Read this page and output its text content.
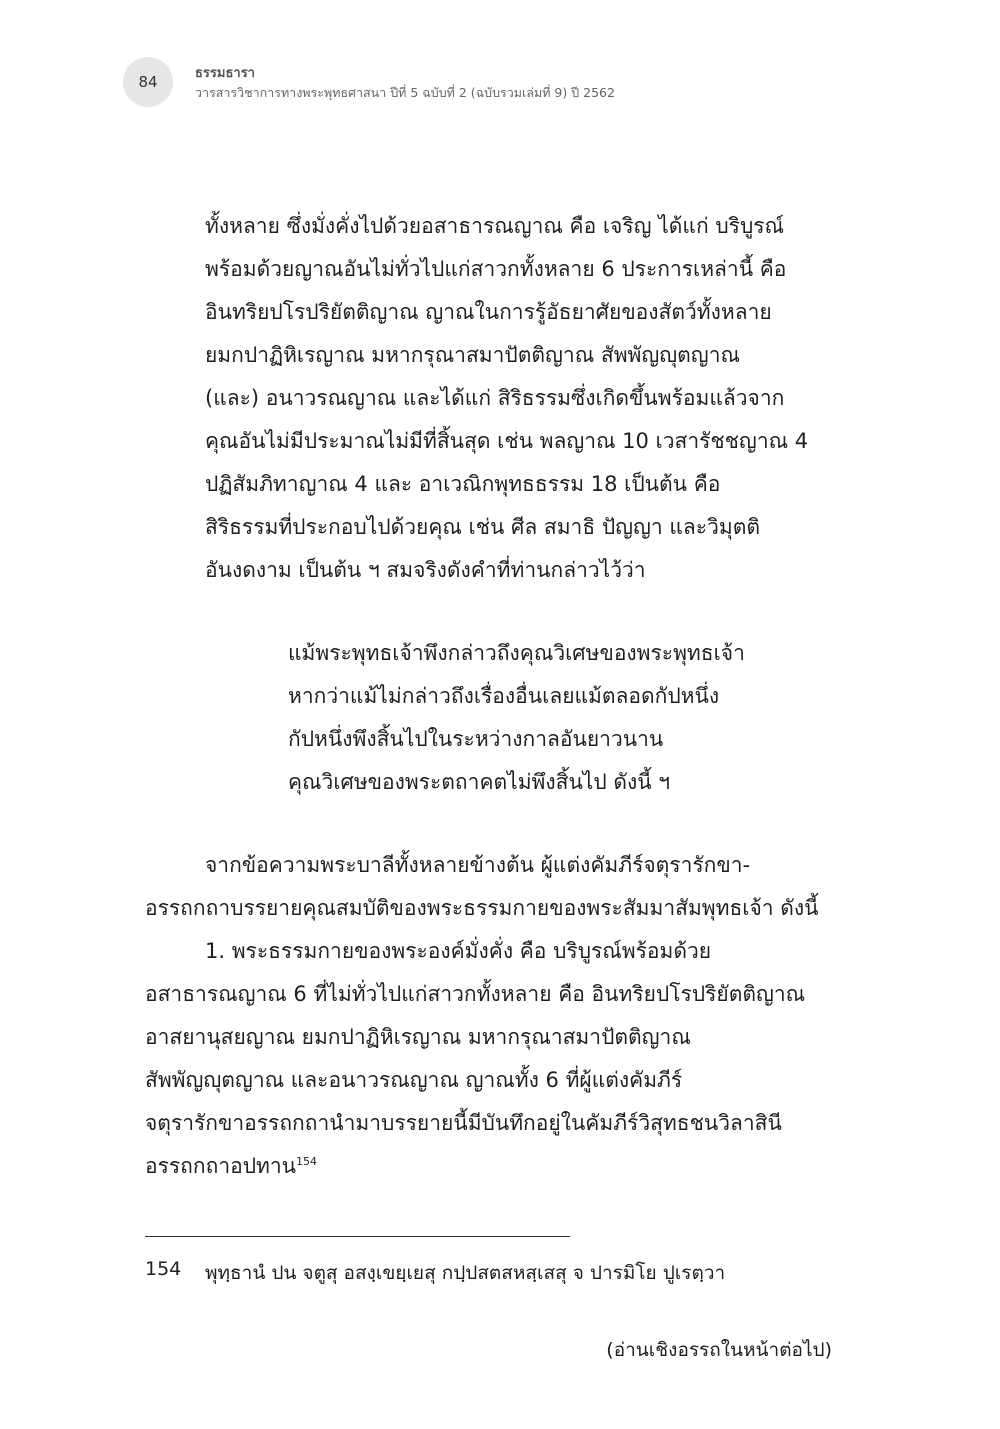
84	ธรรมธารา
วารสารวิชาการทางพระพุทธศาสนา ปีที่ 5 ฉบับที่ 2 (ฉบับรวมเล่มที่ 9) ปี 2562
ทั้งหลาย ซึ่งมั่งคั่งไปด้วยอสาธารณญาณ คือ เจริญ ได้แก่ บริบูรณ์
พร้อมด้วยญาณอันไม่ทั่วไปแก่สาวกทั้งหลาย 6 ประการเหล่านี้ คือ
อินทริยปโรปริยัตติญาณ ญาณในการรู้อัธยาศัยของสัตว์ทั้งหลาย
ยมกปาฏิหิเรญาณ มหากรุณาสมาปัตติญาณ สัพพัญญุตญาณ
(และ) อนาวรณญาณ และได้แก่ สิริธรรมซึ่งเกิดขึ้นพร้อมแล้วจาก
คุณอันไม่มีประมาณไม่มีที่สิ้นสุด เช่น พลญาณ 10 เวสารัชชญาณ 4
ปฏิสัมภิทาญาณ 4 และ อาเวณิกพุทธธรรม 18 เป็นต้น คือ
สิริธรรมที่ประกอบไปด้วยคุณ เช่น ศีล สมาธิ ปัญญา และวิมุตติ
อันงดงาม เป็นต้น ฯ สมจริงดังคำที่ท่านกล่าวไว้ว่า
แม้พระพุทธเจ้าพึงกล่าวถึงคุณวิเศษของพระพุทธเจ้า
หากว่าแม้ไม่กล่าวถึงเรื่องอื่นเลยแม้ตลอดกัปหนึ่ง
กัปหนึ่งพึงสิ้นไปในระหว่างกาลอันยาวนาน
คุณวิเศษของพระตถาคตไม่พึงสิ้นไป ดังนี้ ฯ
จากข้อความพระบาลีทั้งหลายข้างต้น ผู้แต่งคัมภีร์จตุรารักขา-
อรรถกถาบรรยายคุณสมบัติของพระธรรมกายของพระสัมมาสัมพุทธเจ้า ดังนี้
1. พระธรรมกายของพระองค์มั่งคั่ง คือ บริบูรณ์พร้อมด้วย
อสาธารณญาณ 6 ที่ไม่ทั่วไปแก่สาวกทั้งหลาย คือ อินทริยปโรปริยัตติญาณ
อาสยานุสยญาณ ยมกปาฏิหิเรญาณ มหากรุณาสมาปัตติญาณ
สัพพัญญุตญาณ และอนาวรณญาณ ญาณทั้ง 6 ที่ผู้แต่งคัมภีร์
จตุรารักขาอรรถกถานำมาบรรยายนี้มีบันทึกอยู่ในคัมภีร์วิสุทธชนวิลาสินี
อรรถกถาอปทาน$^{154}$
154 พุทฺธานํ ปน จตูสุ อสงฺเขยฺเยสุ กปฺปสตสหสฺเสสุ จ ปารมิโย ปูเรตฺวา
(อ่านเชิงอรรถในหน้าต่อไป)
